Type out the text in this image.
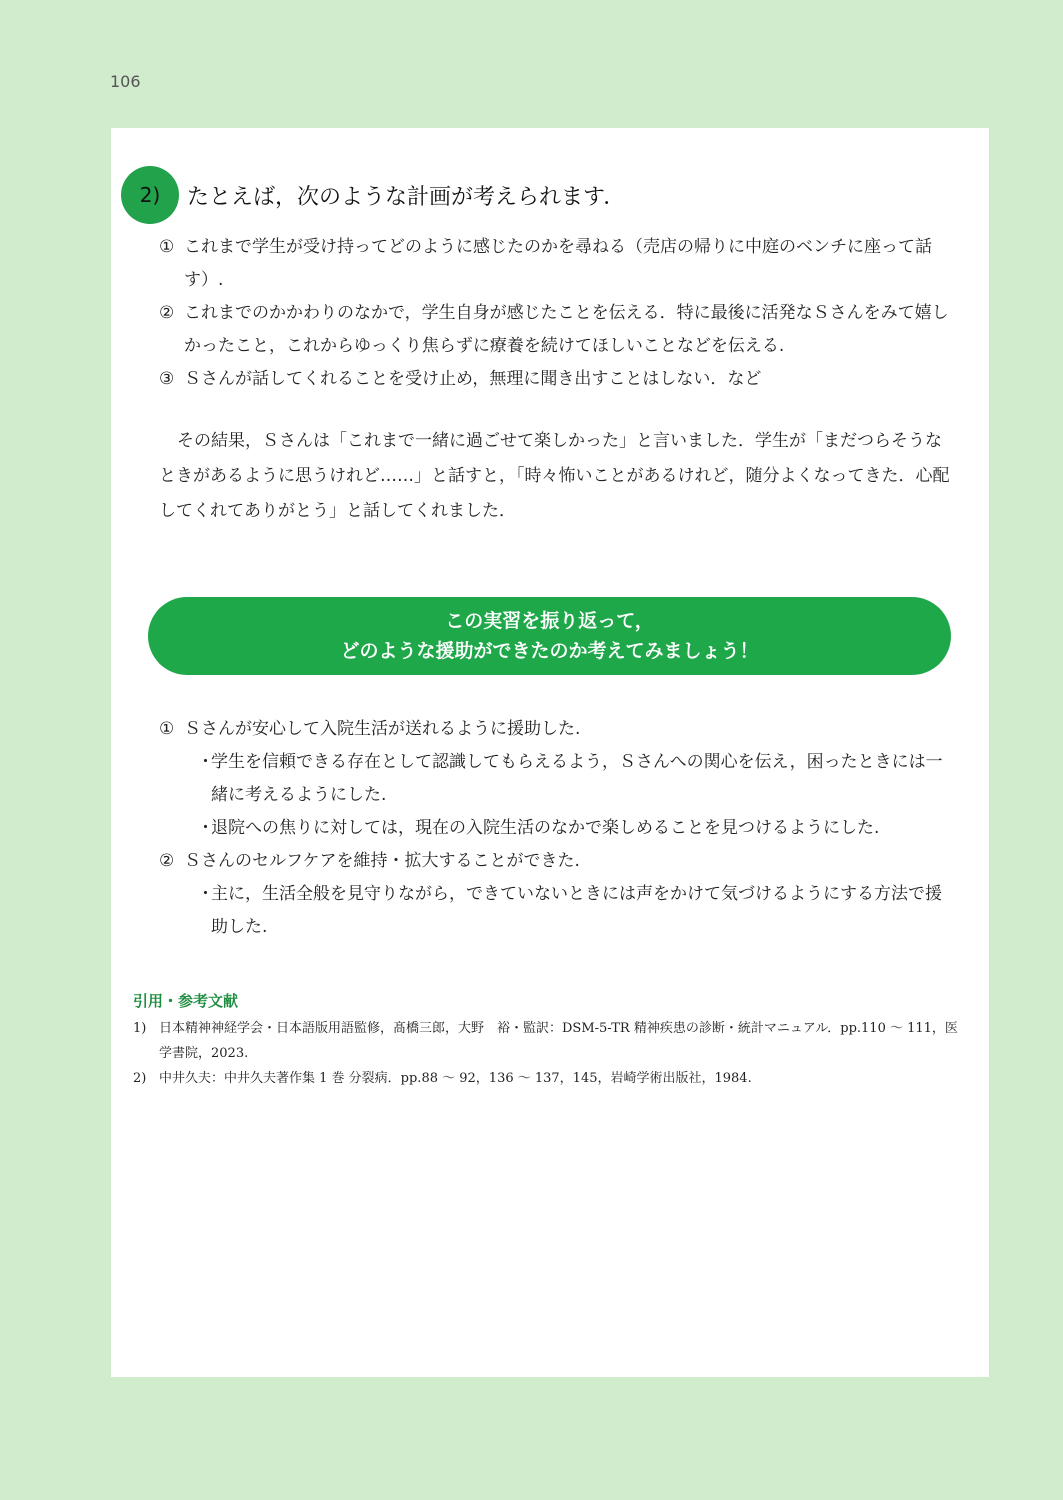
106
2)	たとえば，次のような計画が考えられます．
① これまで学生が受け持ってどのように感じたのかを尋ねる（売店の帰りに中庭のベンチに座って話す）.
② これまでのかかわりのなかで，学生自身が感じたことを伝える．特に最後に活発なＳさんをみて嬉しかったこと，これからゆっくり焦らずに療養を続けてほしいことなどを伝える.
③ Ｓさんが話してくれることを受け止め，無理に聞き出すことはしない．など
その結果，Ｓさんは「これまで一緒に過ごせて楽しかった」と言いました．学生が「まだつらそうなときがあるように思うけれど……」と話すと，「時々怖いことがあるけれど，随分よくなってきた．心配してくれてありがとう」と話してくれました．
この実習を振り返って，
どのような援助ができたのか考えてみましょう！
① Ｓさんが安心して入院生活が送れるように援助した.
・
学生を信頼できる存在として認識してもらえるよう，Ｓさんへの関心を伝え，困ったときには一緒に考えるようにした.
・
退院への焦りに対しては，現在の入院生活のなかで楽しめることを見つけるようにした.
② Ｓさんのセルフケアを維持・拡大することができた.
・
主に，生活全般を見守りながら，できていないときには声をかけて気づけるようにする方法で援助した.
引用・参考文献
1) 日本精神神経学会・日本語版用語監修，髙橋三郎，大野　裕・監訳：DSM-5-TR 精神疾患の診断・統計マニュアル．pp.110 〜 111，医学書院，2023.
2) 中井久夫：中井久夫著作集 1 巻 分裂病．pp.88 〜 92，136 〜 137，145，岩崎学術出版社，1984.
